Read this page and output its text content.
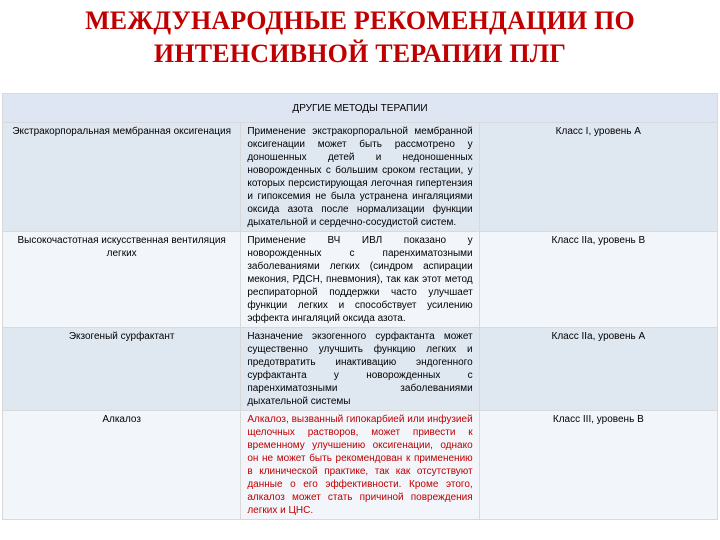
МЕЖДУНАРОДНЫЕ РЕКОМЕНДАЦИИ ПО
ИНТЕНСИВНОЙ ТЕРАПИИ ПЛГ
ДРУГИЕ МЕТОДЫ ТЕРАПИИ		
Экстракорпоральная мембранная оксигенация	Применение экстракорпоральной мембранной оксигенации может быть рассмотрено у доношенных детей и недоношенных новорожденных с большим сроком гестации, у которых персистирующая легочная гипертензия и гипоксемия не была устранена ингаляциями оксида азота после нормализации функции дыхательной и сердечно-сосудистой систем.	Класс I, уровень А
Высокочастотная искусственная вентиляция легких	Применение ВЧ ИВЛ показано у новорожденных с паренхиматозными заболеваниями легких (синдром аспирации мекония, РДСН, пневмония), так как этот метод респираторной поддержки часто улучшает функции легких и способствует усилению эффекта ингаляций оксида азота.	Класс IIa, уровень В
Экзогеный сурфактант	Назначение экзогенного сурфактанта может существенно улучшить функцию легких и предотвратить инактивацию эндогенного сурфактанта у новорожденных с паренхиматозными заболеваниями дыхательной системы	Класс IIa, уровень А
Алкалоз	Алкалоз, вызванный гипокарбией или инфузией щелочных растворов, может привести к временному улучшению оксигенации, однако он не может быть рекомендован к применению в клинической практике, так как отсутствуют данные о его эффективности. Кроме этого, алкалоз может стать причиной повреждения легких и ЦНС.	Класс III, уровень В
